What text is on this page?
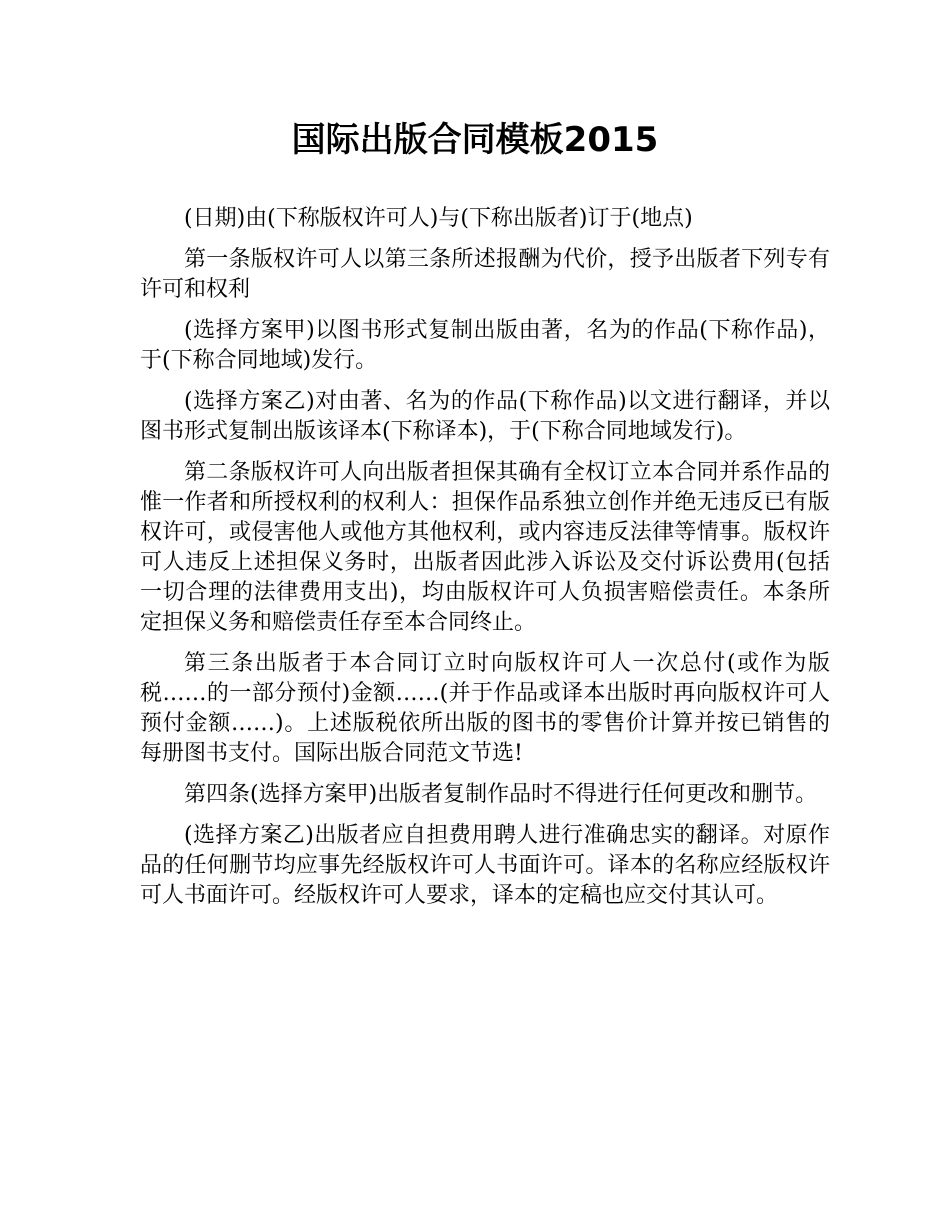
国际出版合同模板2015

(日期)由(下称版权许可人)与(下称出版者)订于(地点)

第一条版权许可人以第三条所述报酬为代价，授予出版者下列专有许可和权利

(选择方案甲)以图书形式复制出版由著，名为的作品(下称作品)，于(下称合同地域)发行。

(选择方案乙)对由著、名为的作品(下称作品)以文进行翻译，并以图书形式复制出版该译本(下称译本)，于(下称合同地域发行)。

第二条版权许可人向出版者担保其确有全权订立本合同并系作品的惟一作者和所授权利的权利人：担保作品系独立创作并绝无违反已有版权许可，或侵害他人或他方其他权利，或内容违反法律等情事。版权许可人违反上述担保义务时，出版者因此涉入诉讼及交付诉讼费用(包括一切合理的法律费用支出)，均由版权许可人负损害赔偿责任。本条所定担保义务和赔偿责任存至本合同终止。

第三条出版者于本合同订立时向版权许可人一次总付(或作为版税……的一部分预付)金额……(并于作品或译本出版时再向版权许可人预付金额……)。上述版税依所出版的图书的零售价计算并按已销售的每册图书支付。国际出版合同范文节选!

第四条(选择方案甲)出版者复制作品时不得进行任何更改和删节。

(选择方案乙)出版者应自担费用聘人进行准确忠实的翻译。对原作品的任何删节均应事先经版权许可人书面许可。译本的名称应经版权许可人书面许可。经版权许可人要求，译本的定稿也应交付其认可。
